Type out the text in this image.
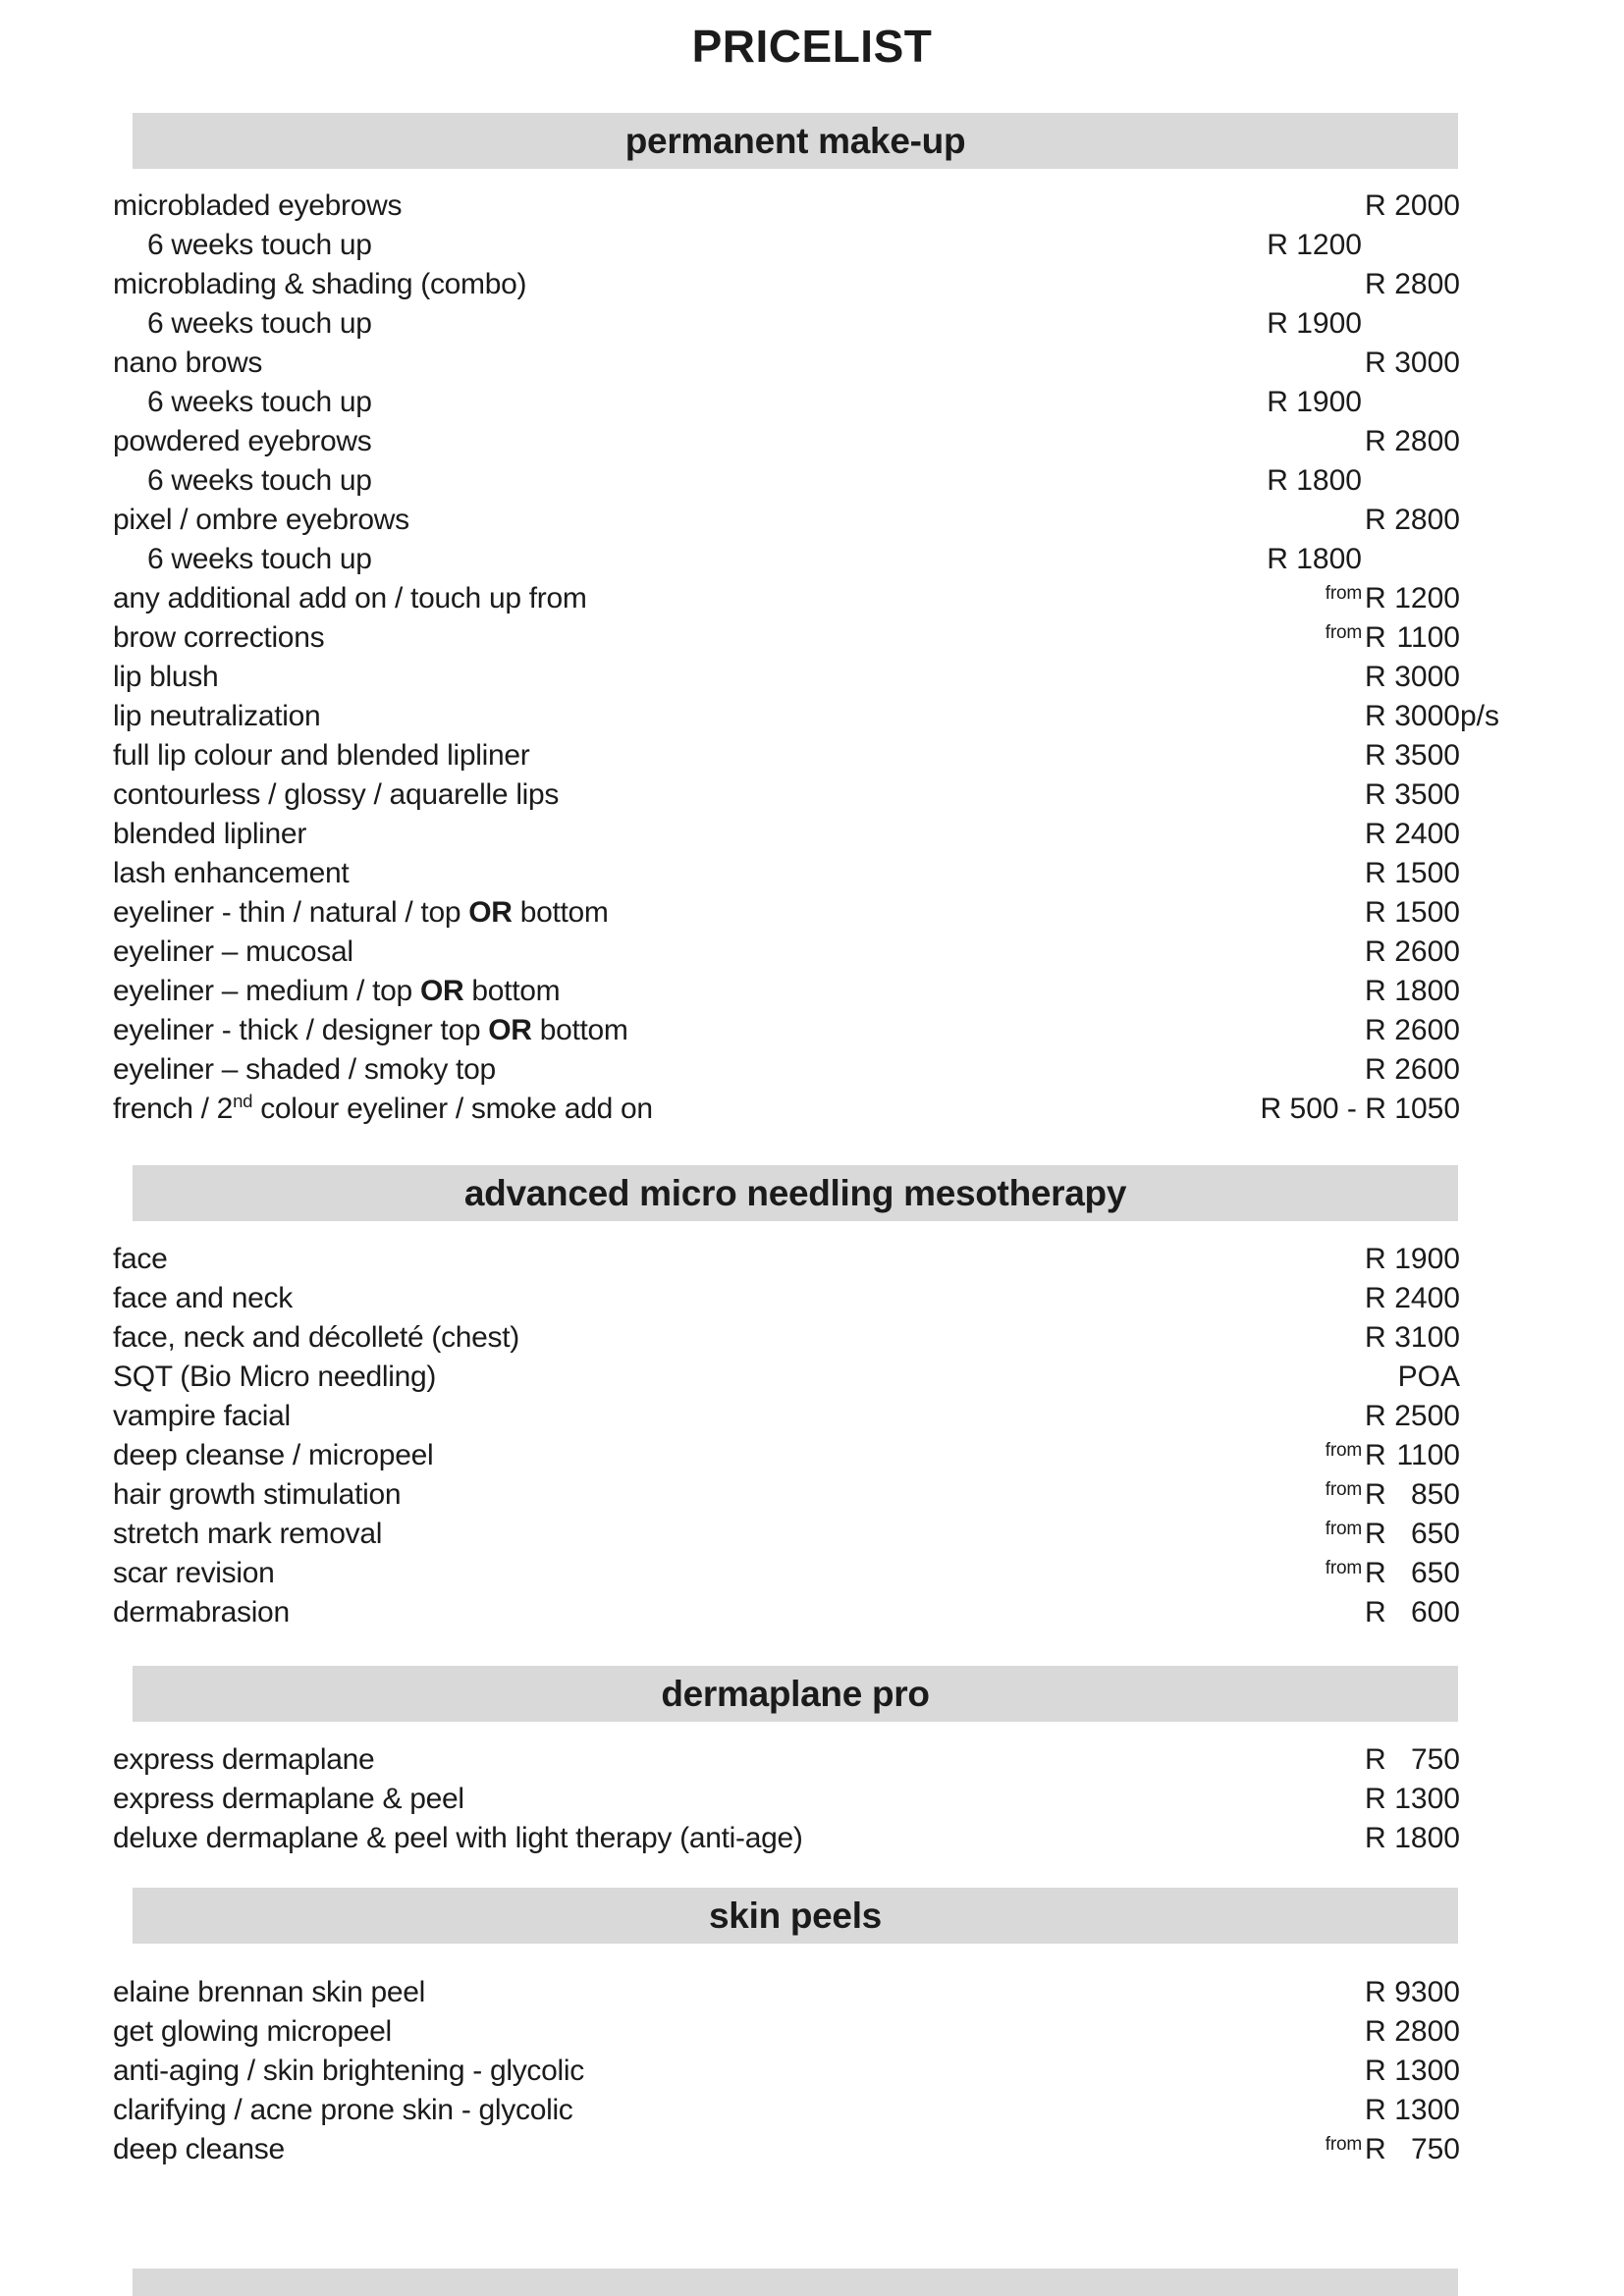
PRICELIST
permanent make-up
microbladed eyebrows	R 2000
6 weeks touch up	R 1200
microblading & shading (combo)	R 2800
6 weeks touch up	R 1900
nano brows	R 3000
6 weeks touch up	R 1900
powdered eyebrows	R 2800
6 weeks touch up	R 1800
pixel / ombre eyebrows	R 2800
6 weeks touch up	R 1800
any additional add on / touch up from	from R 1200
brow corrections	from R 1100
lip blush	R 3000
lip neutralization	R 3000 p/s
full lip colour and blended lipliner	R 3500
contourless / glossy / aquarelle lips	R 3500
blended lipliner	R 2400
lash enhancement	R 1500
eyeliner - thin / natural / top OR bottom	R 1500
eyeliner – mucosal	R 2600
eyeliner – medium / top OR bottom	R 1800
eyeliner - thick / designer top OR bottom	R 2600
eyeliner – shaded / smoky top	R 2600
french / 2nd colour eyeliner / smoke add on	R 500 - R 1050
advanced micro needling mesotherapy
face	R 1900
face and neck	R 2400
face, neck and décolleté (chest)	R 3100
SQT (Bio Micro needling)	POA
vampire facial	R 2500
deep cleanse / micropeel	from R 1100
hair growth stimulation	from R 850
stretch mark removal	from R 650
scar revision	from R 650
dermabrasion	R 600
dermaplane pro
express dermaplane	R 750
express dermaplane & peel	R 1300
deluxe dermaplane & peel with light therapy (anti-age)	R 1800
skin peels
elaine brennan skin peel	R 9300
get glowing micropeel	R 2800
anti-aging / skin brightening - glycolic	R 1300
clarifying / acne prone skin - glycolic	R 1300
deep cleanse	from R 750
